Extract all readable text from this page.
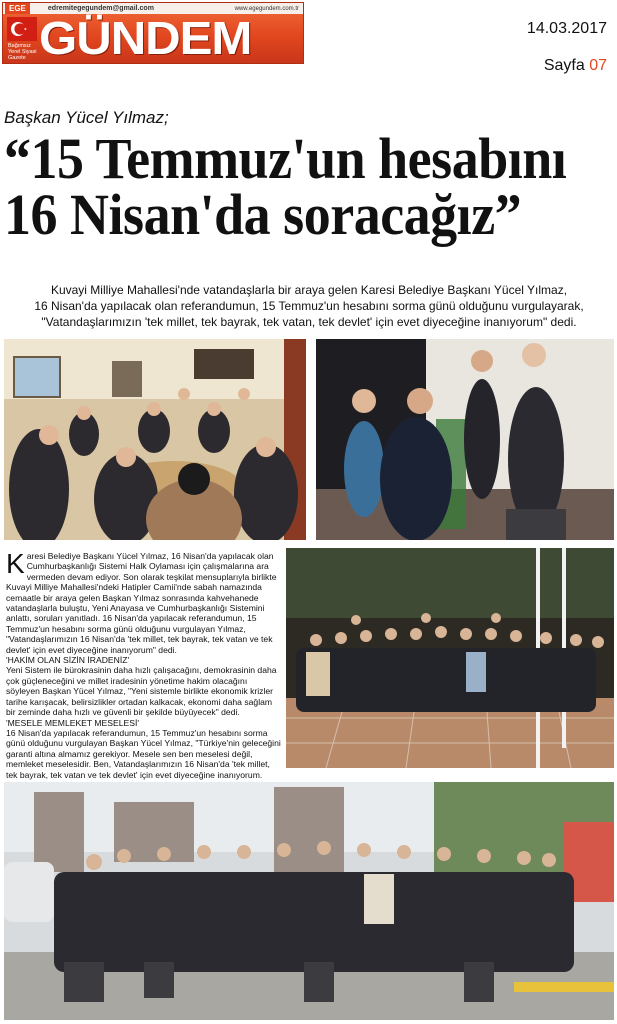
EGE	edremitegegundem@gmail.com	www.egegundem.com.tr
GÜNDEM
Bağımsız Yerel Siyasi Gazete
14.03.2017
Sayfa 07
Başkan Yücel Yılmaz;
“15 Temmuz'un hesabını
16 Nisan'da soracağız”
Kuvayi Milliye Mahallesi'nde vatandaşlarla bir araya gelen Karesi Belediye Başkanı Yücel Yılmaz,
16 Nisan'da yapılacak olan referandumun, 15 Temmuz'un hesabını sorma günü olduğunu vurgulayarak,
"Vatandaşlarımızın 'tek millet, tek bayrak, tek vatan, tek devlet' için evet diyeceğine inanıyorum" dedi.
K aresi Belediye Başkanı Yücel Yılmaz, 16 Nisan'da yapılacak olan Cumhurbaşkanlığı Sistemi Halk Oylaması için çalışmalarına ara vermeden devam ediyor. Son olarak teşkilat mensuplarıyla birlikte Kuvayi Milliye Mahallesi'ndeki Hatipler Camii'nde sabah namazında cemaatle bir araya gelen Başkan Yılmaz sonrasında kahvehanede vatandaşlarla buluştu, Yeni Anayasa ve Cumhurbaşkanlığı Sistemini anlattı, soruları yanıtladı. 16 Nisan'da yapılacak referandumun, 15 Temmuz'un hesabını sorma günü olduğunu vurgulayan Yılmaz, "Vatandaşlarımızın 16 Nisan'da 'tek millet, tek bayrak, tek vatan ve tek devlet' için evet diyeceğine inanıyorum" dedi.

'HAKİM OLAN SİZİN İRADENİZ'

Yeni Sistem ile bürokrasinin daha hızlı çalışacağını, demokrasinin daha çok güçleneceğini ve millet iradesinin yönetime hakim olacağını söyleyen Başkan Yücel Yılmaz, "Yeni sistemle birlikte ekonomik krizler tarihe karışacak, belirsizlikler ortadan kalkacak, ekonomi daha sağlam bir zeminde daha hızlı ve güvenli bir şekilde büyüyecek" dedi.

'MESELE MEMLEKET MESELESİ'

16 Nisan'da yapılacak referandumun, 15 Temmuz'un hesabını sorma günü olduğunu vurgulayan Başkan Yücel Yılmaz, "Türkiye'nin geleceğini garanti altına almamız gerekiyor. Mesele sen ben meselesi değil, memleket meselesidir. Ben, Vatandaşlarımızın 16 Nisan'da 'tek millet, tek bayrak, tek vatan ve tek devlet' için evet diyeceğine inanıyorum.
